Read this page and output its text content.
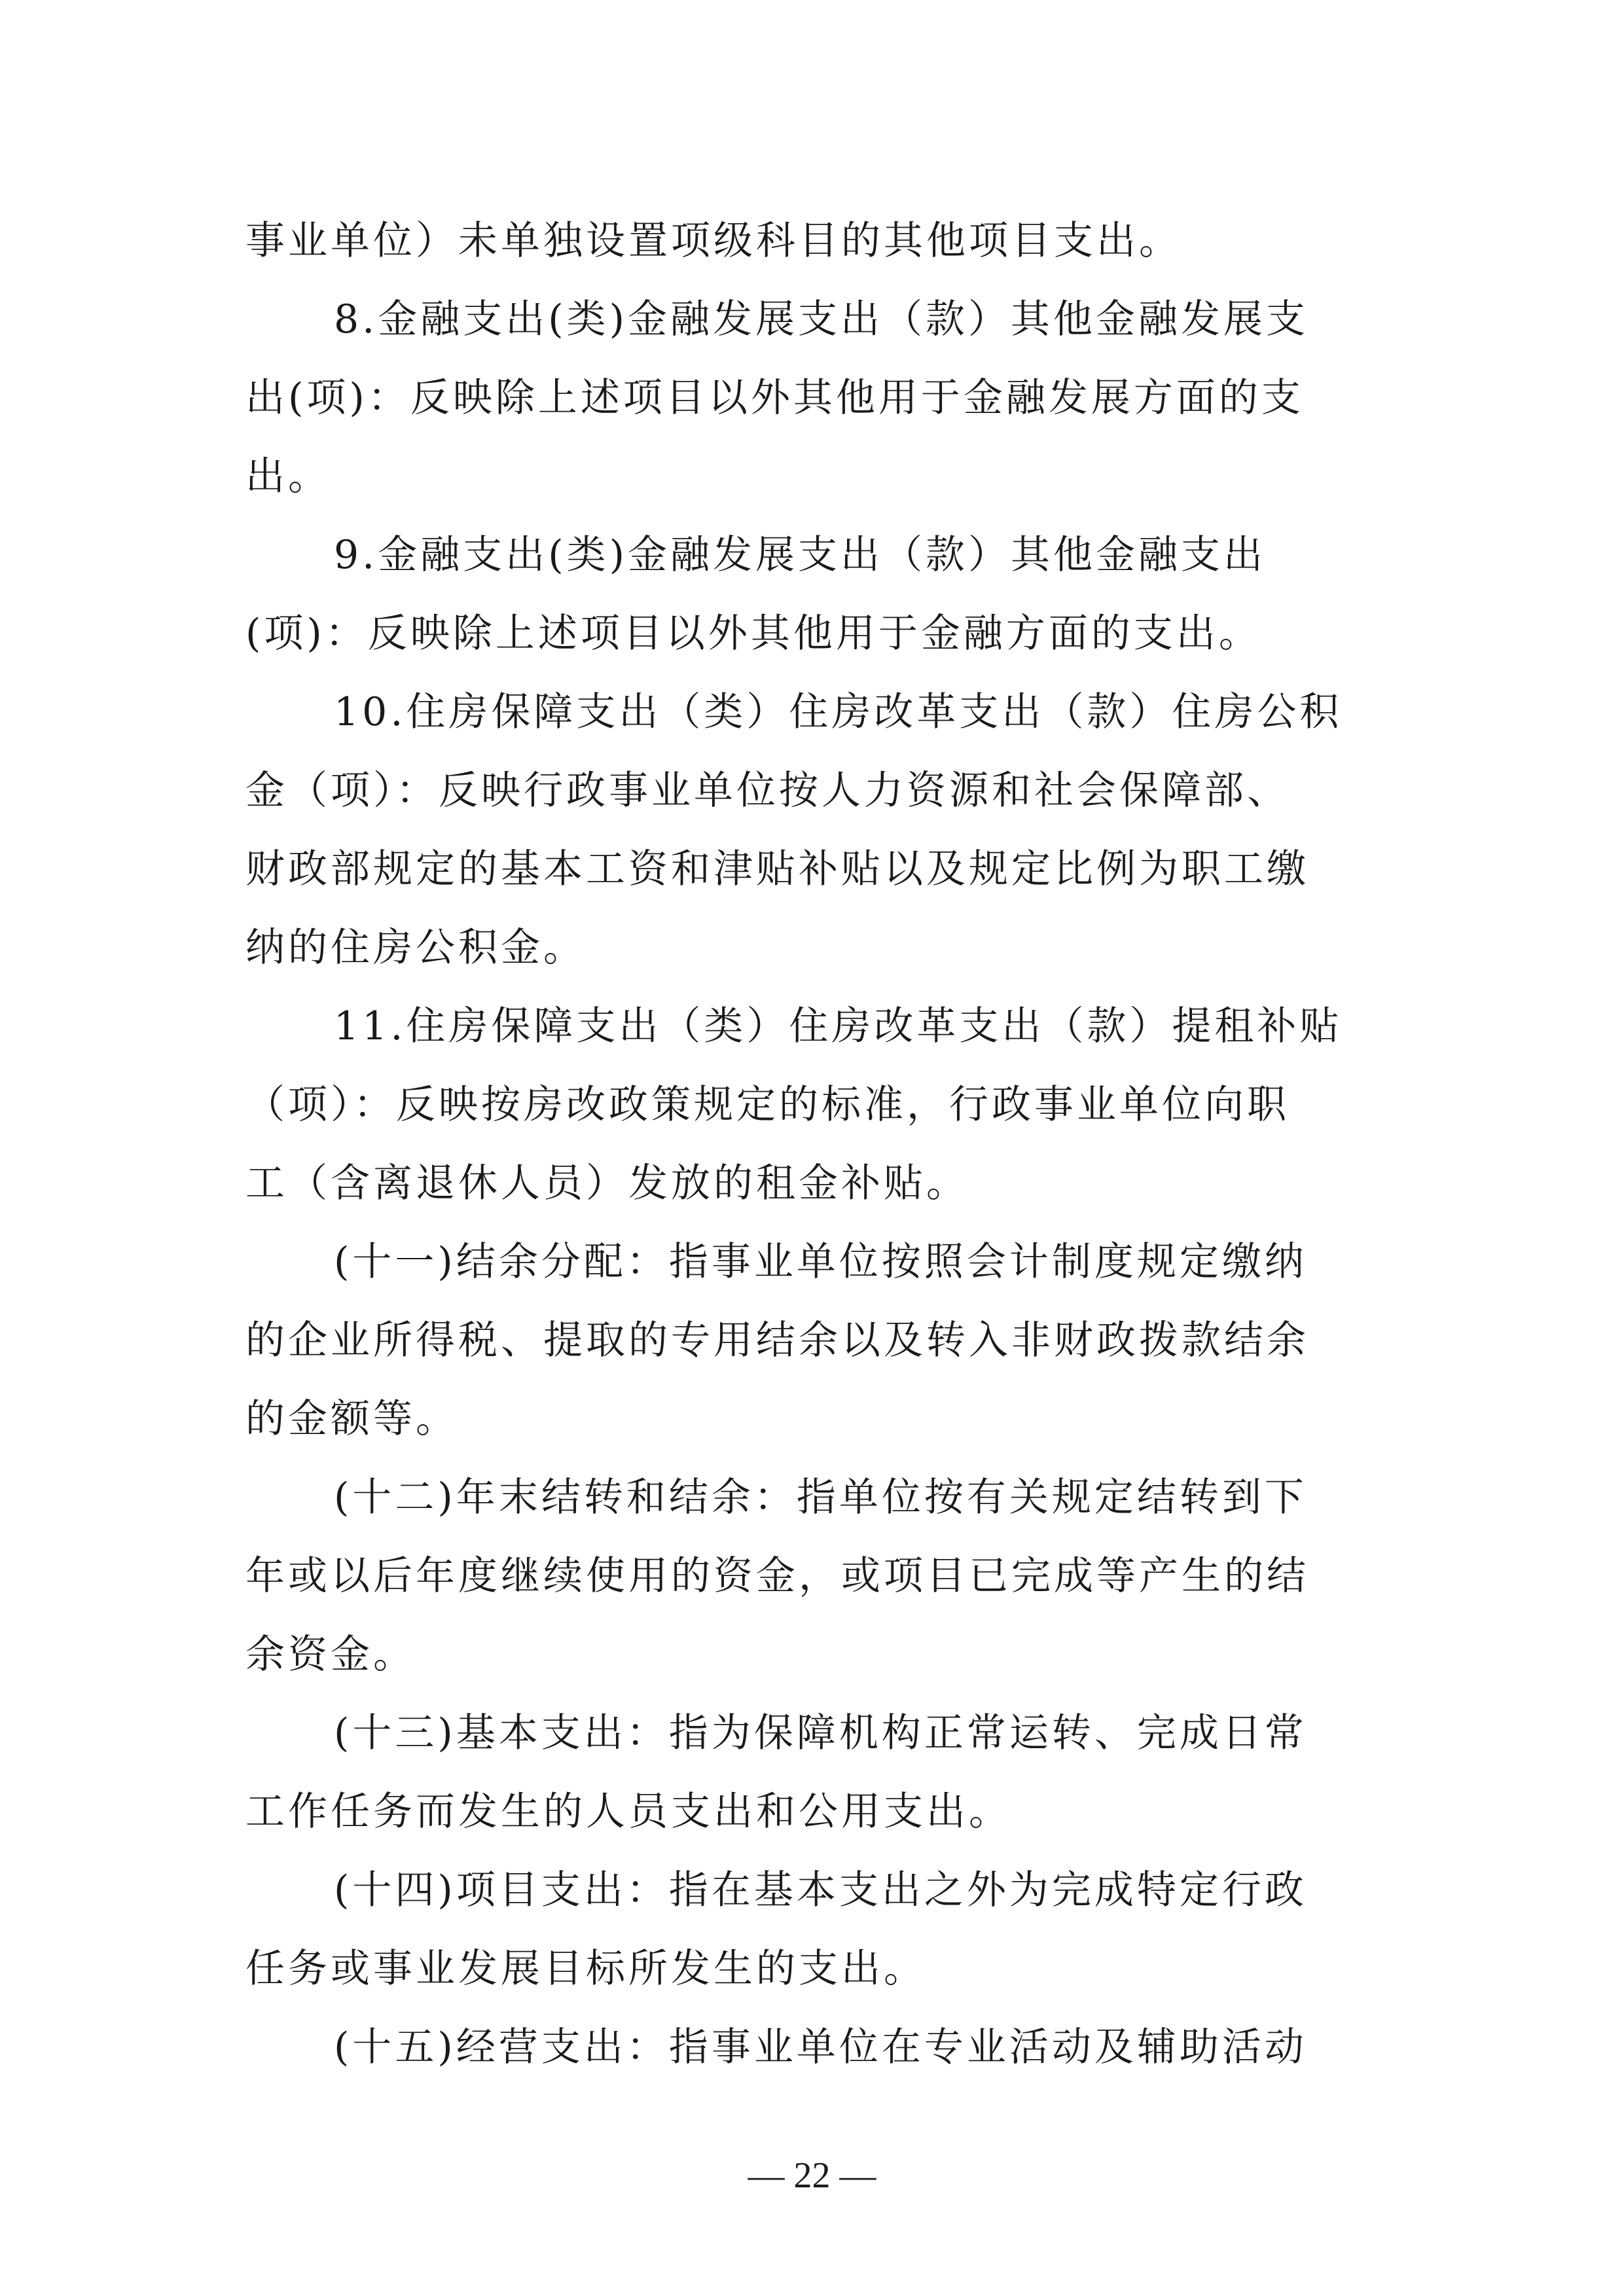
事业单位）未单独设置项级科目的其他项目支出。
8.金融支出(类)金融发展支出（款）其他金融发展支
出(项)：反映除上述项目以外其他用于金融发展方面的支
出。
9.金融支出(类)金融发展支出（款）其他金融支出
(项)：反映除上述项目以外其他用于金融方面的支出。
10.住房保障支出（类）住房改革支出（款）住房公积
金（项）：反映行政事业单位按人力资源和社会保障部、
财政部规定的基本工资和津贴补贴以及规定比例为职工缴
纳的住房公积金。
11.住房保障支出（类）住房改革支出（款）提租补贴
（项）：反映按房改政策规定的标准，行政事业单位向职
工（含离退休人员）发放的租金补贴。
(十一)结余分配：指事业单位按照会计制度规定缴纳
的企业所得税、提取的专用结余以及转入非财政拨款结余
的金额等。
(十二)年末结转和结余：指单位按有关规定结转到下
年或以后年度继续使用的资金，或项目已完成等产生的结
余资金。
(十三)基本支出：指为保障机构正常运转、完成日常
工作任务而发生的人员支出和公用支出。
(十四)项目支出：指在基本支出之外为完成特定行政
任务或事业发展目标所发生的支出。
(十五)经营支出：指事业单位在专业活动及辅助活动
— 22 —
